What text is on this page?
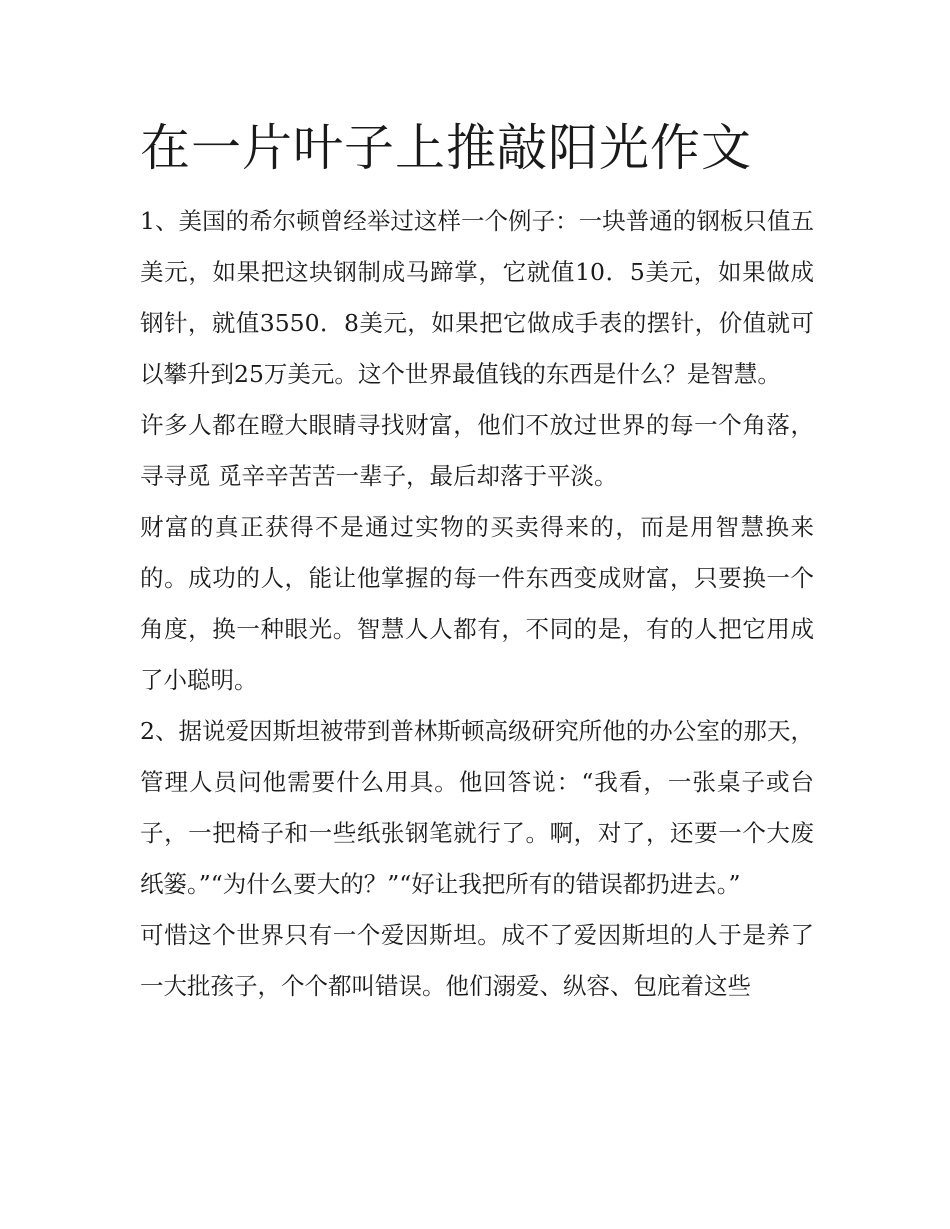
在一片叶子上推敲阳光作文

1、美国的希尔顿曾经举过这样一个例子：一块普通的钢板只值五美元，如果把这块钢制成马蹄掌，它就值10．5美元，如果做成钢针，就值3550．8美元，如果把它做成手表的摆针，价值就可以攀升到25万美元。这个世界最值钱的东西是什么？是智慧。

许多人都在瞪大眼睛寻找财富，他们不放过世界的每一个角落，寻寻觅 觅辛辛苦苦一辈子，最后却落于平淡。

财富的真正获得不是通过实物的买卖得来的，而是用智慧换来的。成功的人，能让他掌握的每一件东西变成财富，只要换一个角度，换一种眼光。智慧人人都有，不同的是，有的人把它用成了小聪明。

2、据说爱因斯坦被带到普林斯顿高级研究所他的办公室的那天，管理人员问他需要什么用具。他回答说：“我看，一张桌子或台子，一把椅子和一些纸张钢笔就行了。啊，对了，还要一个大废纸篓。”“为什么要大的？”“好让我把所有的错误都扔进去。”

可惜这个世界只有一个爱因斯坦。成不了爱因斯坦的人于是养了一大批孩子，个个都叫错误。他们溺爱、纵容、包庇着这些
